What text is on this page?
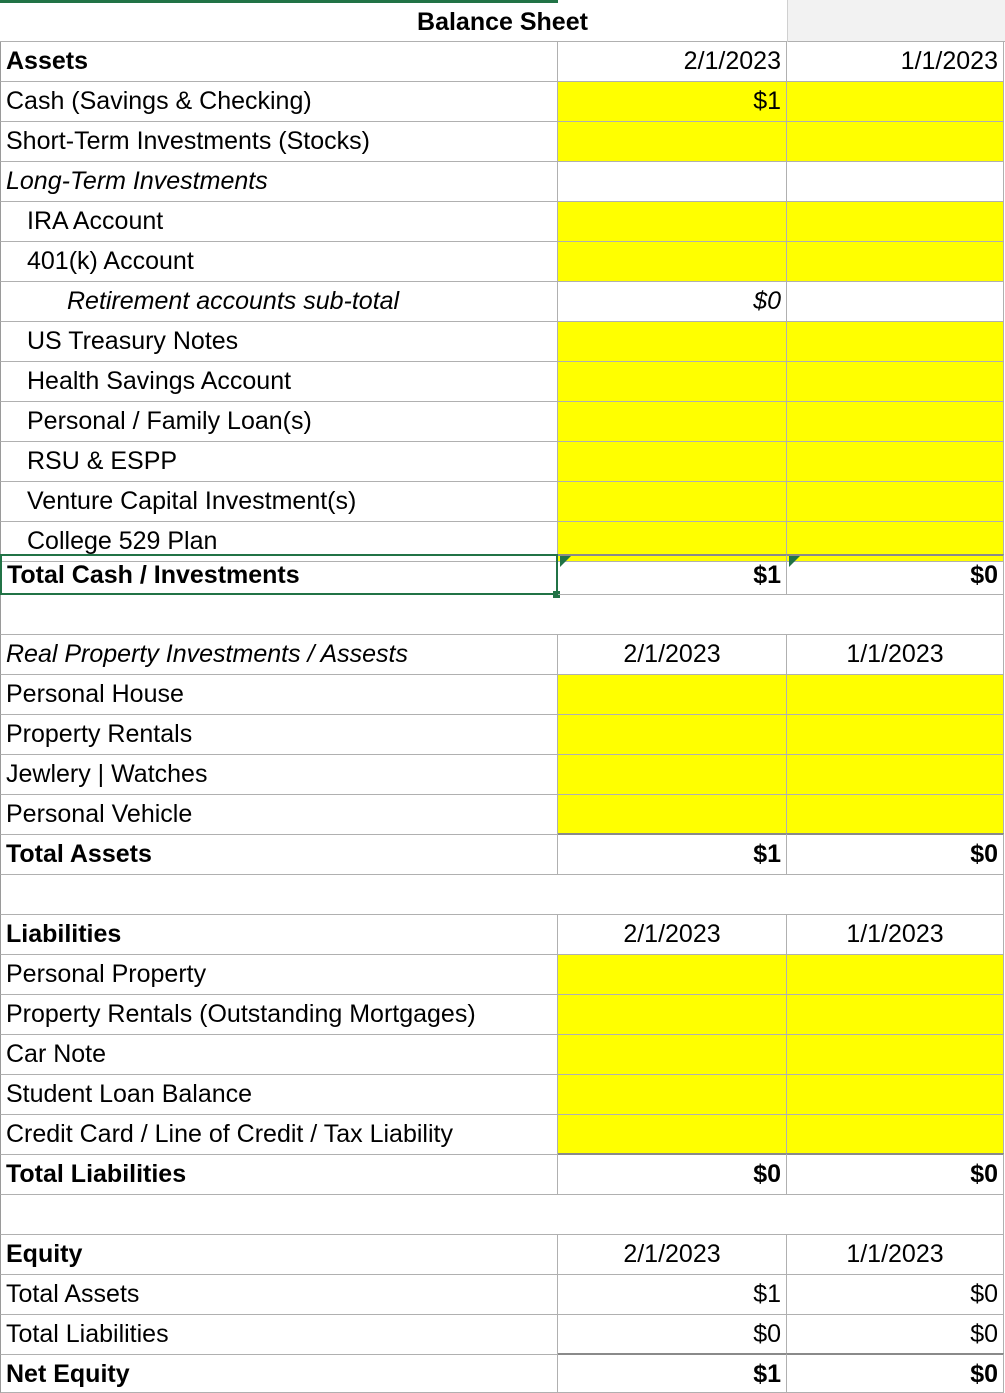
Balance Sheet
Assets	2/1/2023	1/1/2023
Cash (Savings & Checking)	$1
Short-Term Investments (Stocks)
Long-Term Investments
IRA Account
401(k) Account
Retirement accounts sub-total	$0
US Treasury Notes
Health Savings Account
Personal / Family Loan(s)
RSU & ESPP
Venture Capital Investment(s)
College 529 Plan
Total Cash / Investments	$1	$0
Real Property Investments / Assests	2/1/2023	1/1/2023
Personal House
Property Rentals
Jewlery | Watches
Personal Vehicle
Total Assets	$1	$0
Liabilities	2/1/2023	1/1/2023
Personal Property
Property Rentals (Outstanding Mortgages)
Car Note
Student Loan Balance
Credit Card / Line of Credit / Tax Liability
Total Liabilities	$0	$0
Equity	2/1/2023	1/1/2023
Total Assets	$1	$0
Total Liabilities	$0	$0
Net Equity	$1	$0
